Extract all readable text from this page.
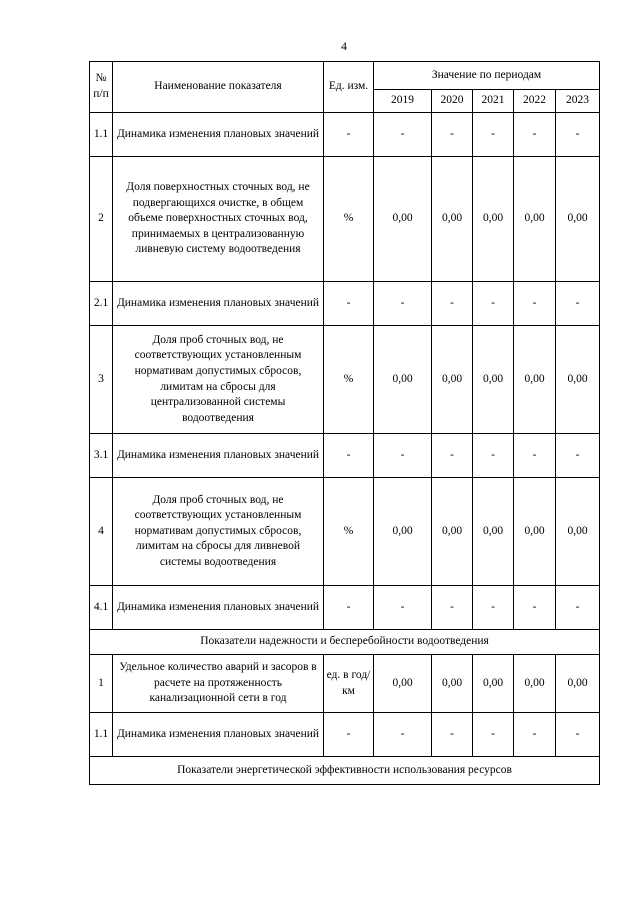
4
№ п/п	Наименование показателя	Ед. изм.	Значение по периодам				
			2019	2020	2021	2022	2023
1.1	Динамика изменения плановых значений	-	-	-	-	-	-
2	Доля поверхностных сточных вод, не подвергающихся очистке, в общем объеме поверхностных сточных вод, принимаемых в централизованную ливневую систему водоотведения	%	0,00	0,00	0,00	0,00	0,00
2.1	Динамика изменения плановых значений	-	-	-	-	-	-
3	Доля проб сточных вод, не соответствующих установленным нормативам допустимых сбросов, лимитам на сбросы для централизованной системы водоотведения	%	0,00	0,00	0,00	0,00	0,00
3.1	Динамика изменения плановых значений	-	-	-	-	-	-
4	Доля проб сточных вод, не соответствующих установленным нормативам допустимых сбросов, лимитам на сбросы для ливневой системы водоотведения	%	0,00	0,00	0,00	0,00	0,00
4.1	Динамика изменения плановых значений	-	-	-	-	-	-
Показатели надежности и бесперебойности водоотведения							
1	Удельное количество аварий и засоров в расчете на протяженность канализационной сети в год	ед. в год/км	0,00	0,00	0,00	0,00	0,00
1.1	Динамика изменения плановых значений	-	-	-	-	-	-
Показатели энергетической эффективности использования ресурсов							
